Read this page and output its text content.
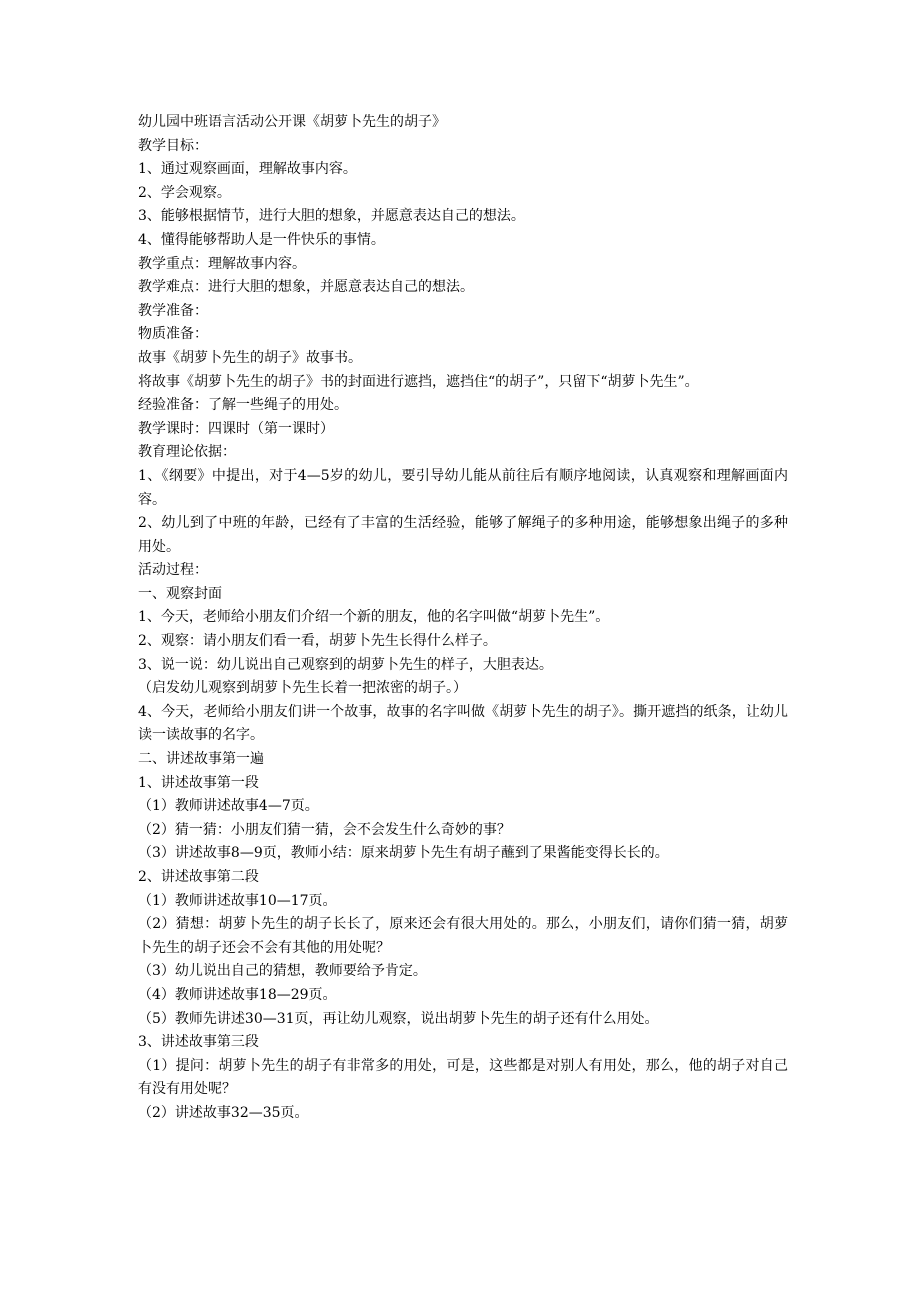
幼儿园中班语言活动公开课《胡萝卜先生的胡子》
教学目标：
1、通过观察画面，理解故事内容。
2、学会观察。
3、能够根据情节，进行大胆的想象，并愿意表达自己的想法。
4、懂得能够帮助人是一件快乐的事情。
教学重点：理解故事内容。
教学难点：进行大胆的想象，并愿意表达自己的想法。
教学准备：
物质准备：
故事《胡萝卜先生的胡子》故事书。
将故事《胡萝卜先生的胡子》书的封面进行遮挡，遮挡住“的胡子”，只留下“胡萝卜先生”。
经验准备：了解一些绳子的用处。
教学课时：四课时（第一课时）
教育理论依据：
1、《纲要》中提出，对于4—5岁的幼儿，要引导幼儿能从前往后有顺序地阅读，认真观察和理解画面内容。
2、幼儿到了中班的年龄，已经有了丰富的生活经验，能够了解绳子的多种用途，能够想象出绳子的多种用处。
活动过程：
一、观察封面
1、今天，老师给小朋友们介绍一个新的朋友，他的名字叫做“胡萝卜先生”。
2、观察：请小朋友们看一看，胡萝卜先生长得什么样子。
3、说一说：幼儿说出自己观察到的胡萝卜先生的样子，大胆表达。
（启发幼儿观察到胡萝卜先生长着一把浓密的胡子。）
4、今天，老师给小朋友们讲一个故事，故事的名字叫做《胡萝卜先生的胡子》。撕开遮挡的纸条，让幼儿读一读故事的名字。
二、讲述故事第一遍
1、讲述故事第一段
（1）教师讲述故事4—7页。
（2）猜一猜：小朋友们猜一猜，会不会发生什么奇妙的事？
（3）讲述故事8—9页，教师小结：原来胡萝卜先生有胡子蘸到了果酱能变得长长的。
2、讲述故事第二段
（1）教师讲述故事10—17页。
（2）猜想：胡萝卜先生的胡子长长了，原来还会有很大用处的。那么，小朋友们，请你们猜一猜，胡萝卜先生的胡子还会不会有其他的用处呢？
（3）幼儿说出自己的猜想，教师要给予肯定。
（4）教师讲述故事18—29页。
（5）教师先讲述30—31页，再让幼儿观察，说出胡萝卜先生的胡子还有什么用处。
3、讲述故事第三段
（1）提问：胡萝卜先生的胡子有非常多的用处，可是，这些都是对别人有用处，那么，他的胡子对自己有没有用处呢？
（2）讲述故事32—35页。
